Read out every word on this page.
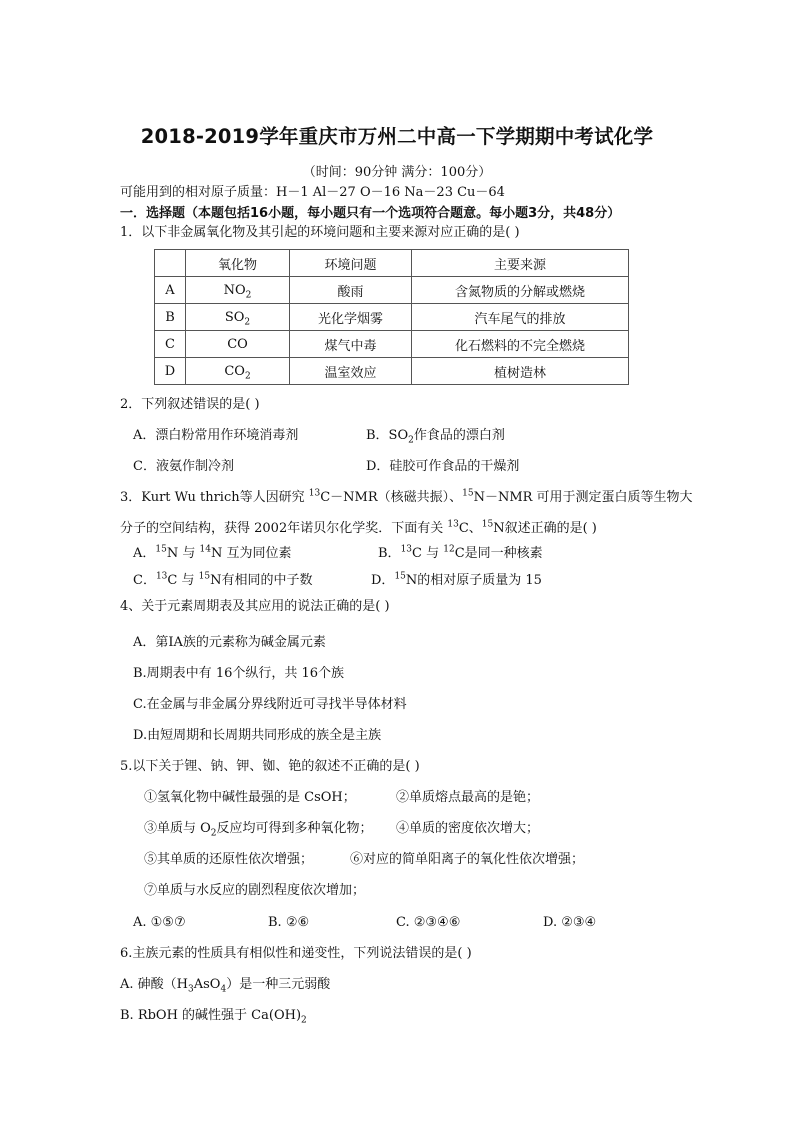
2018-2019学年重庆市万州二中高一下学期期中考试化学
（时间：90分钟 满分：100分）
可能用到的相对原子质量：H－1 Al－27 O－16 Na－23 Cu－64
一．选择题（本题包括16小题，每小题只有一个选项符合题意。每小题3分，共48分）
1．以下非金属氧化物及其引起的环境问题和主要来源对应正确的是( )
	氧化物	环境问题	主要来源
A	$NO_2$	酸雨	含氮物质的分解或燃烧
B	$SO_2$	光化学烟雾	汽车尾气的排放
C	CO	煤气中毒	化石燃料的不完全燃烧
D	$CO_2$	温室效应	植树造林
2．下列叙述错误的是( )
A．漂白粉常用作环境消毒剂	B．$SO_2$作食品的漂白剂
C．液氨作制冷剂	D．硅胶可作食品的干燥剂
3．Kurt Wu thrich等人因研究 $^{13}$C－NMR（核磁共振）、$^{15}$N－NMR 可用于测定蛋白质等生物大
分子的空间结构，获得 2002年诺贝尔化学奖．下面有关 $^{13}$C、$^{15}$N叙述正确的是( )
A．$^{15}$N 与 $^{14}$N 互为同位素	B．$^{13}$C 与 $^{12}$C是同一种核素
C．$^{13}$C 与 $^{15}$N有相同的中子数	D．$^{15}$N的相对原子质量为 15
4、关于元素周期表及其应用的说法正确的是( )
A．第ⅠA族的元素称为碱金属元素
B.周期表中有 16个纵行，共 16个族
C.在金属与非金属分界线附近可寻找半导体材料
D.由短周期和长周期共同形成的族全是主族
5.以下关于锂、钠、钾、铷、铯的叙述不正确的是( )
①氢氧化物中碱性最强的是 CsOH；	②单质熔点最高的是铯；
③单质与 $O_2$反应均可得到多种氧化物； ④单质的密度依次增大；
⑤其单质的还原性依次增强；	⑥对应的简单阳离子的氧化性依次增强；
⑦单质与水反应的剧烈程度依次增加；
A. ①⑤⑦	B. ②⑥	C. ②③④⑥	D. ②③④
6.主族元素的性质具有相似性和递变性，下列说法错误的是( )
A. 砷酸$(H_3AsO_4)$是一种三元弱酸
B. RbOH 的碱性强于 $Ca(OH)_2$
